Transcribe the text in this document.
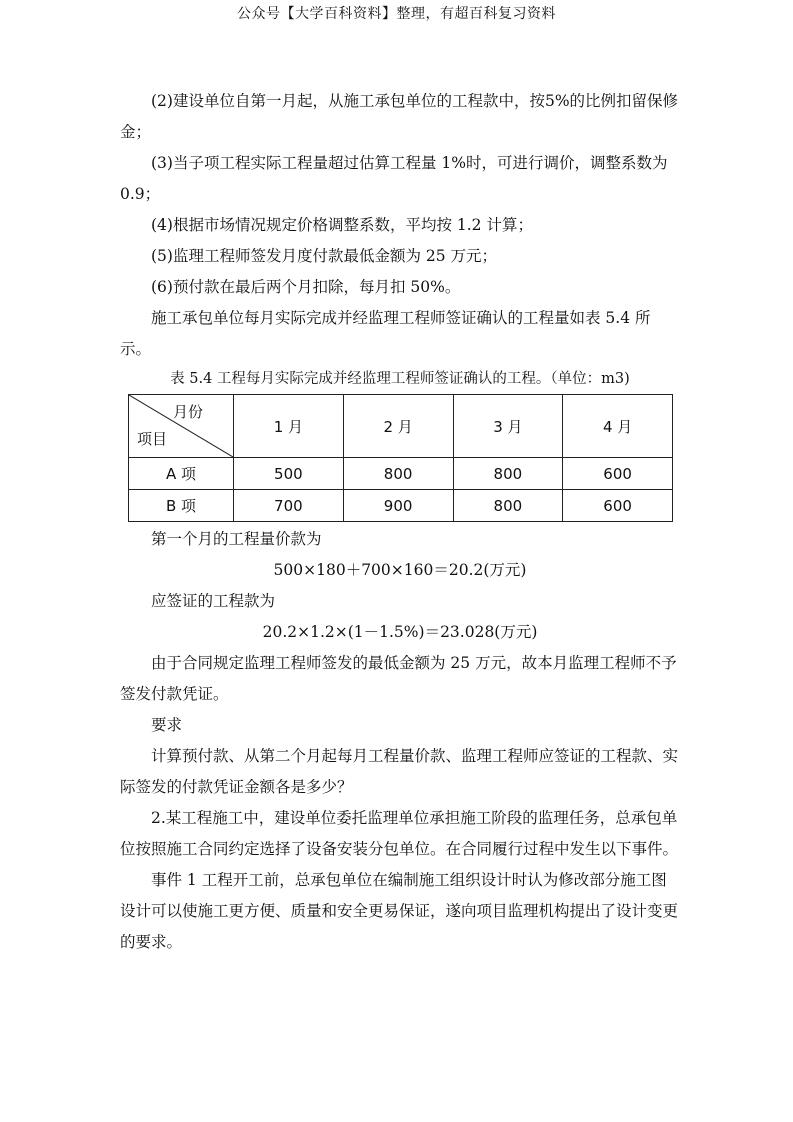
公众号【大学百科资料】整理，有超百科复习资料

(2)建设单位自第一月起，从施工承包单位的工程款中，按5%的比例扣留保修金；

(3)当子项工程实际工程量超过估算工程量 1%时，可进行调价，调整系数为0.9；

(4)根据市场情况规定价格调整系数，平均按 1.2 计算；

(5)监理工程师签发月度付款最低金额为 25 万元；

(6)预付款在最后两个月扣除，每月扣 50%。

施工承包单位每月实际完成并经监理工程师签证确认的工程量如表 5.4 所示。

表 5.4 工程每月实际完成并经监理工程师签证确认的工程。（单位：m3)

月份
项目	1 月	2 月	3 月	4 月
A 项	500	800	800	600
B 项	700	900	800	600

第一个月的工程量价款为

500×180＋700×160＝20.2(万元)

应签证的工程款为

20.2×1.2×(1－1.5%)＝23.028(万元)

由于合同规定监理工程师签发的最低金额为 25 万元，故本月监理工程师不予签发付款凭证。

要求

计算预付款、从第二个月起每月工程量价款、监理工程师应签证的工程款、实际签发的付款凭证金额各是多少？

2.某工程施工中，建设单位委托监理单位承担施工阶段的监理任务，总承包单位按照施工合同约定选择了设备安装分包单位。在合同履行过程中发生以下事件。

事件 1 工程开工前，总承包单位在编制施工组织设计时认为修改部分施工图设计可以使施工更方便、质量和安全更易保证，遂向项目监理机构提出了设计变更的要求。
